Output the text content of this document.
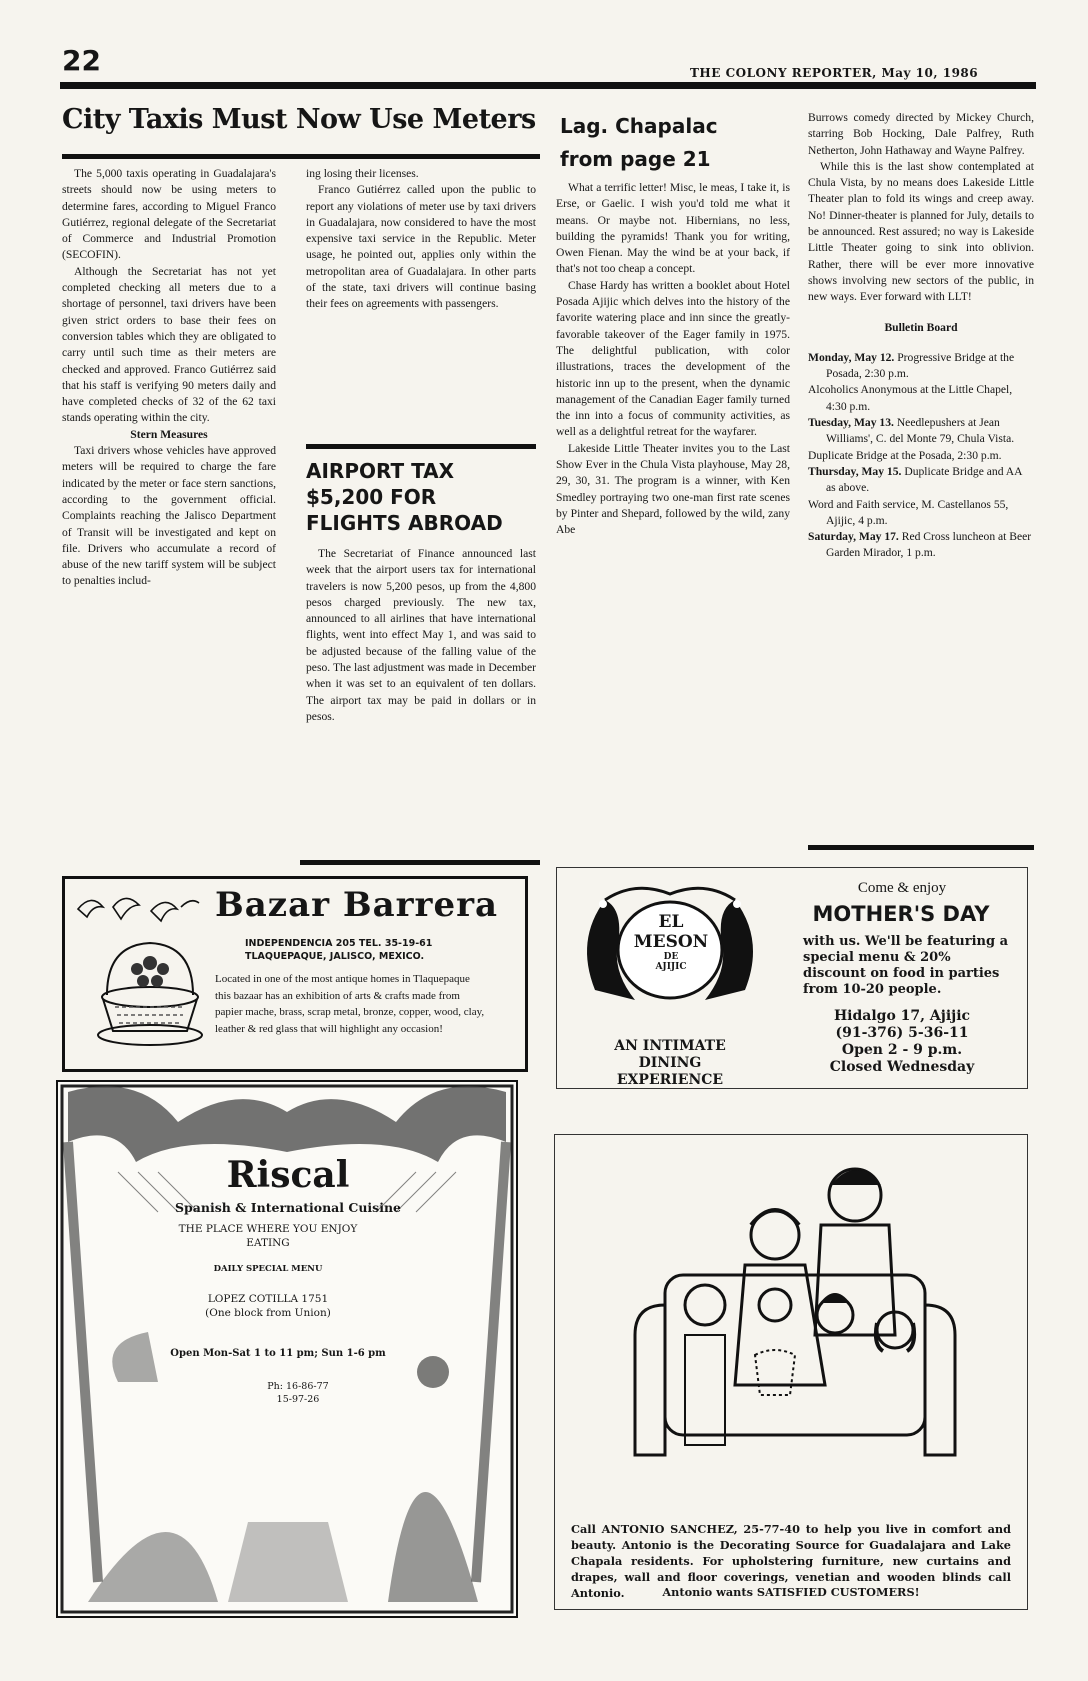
22	THE COLONY REPORTER, May 10, 1986
City Taxis Must Now Use Meters

The 5,000 taxis operating in Guadalajara's streets should now be using meters to determine fares, according to Miguel Franco Gutiérrez, regional delegate of the Secretariat of Commerce and Industrial Promotion (SECOFIN).

Although the Secretariat has not yet completed checking all meters due to a shortage of personnel, taxi drivers have been given strict orders to base their fees on conversion tables which they are obligated to carry until such time as their meters are checked and approved. Franco Gutiérrez said that his staff is verifying 90 meters daily and have completed checks of 32 of the 62 taxi stands operating within the city.

Stern Measures

Taxi drivers whose vehicles have approved meters will be required to charge the fare indicated by the meter or face stern sanctions, according to the government official. Complaints reaching the Jalisco Department of Transit will be investigated and kept on file. Drivers who accumulate a record of abuse of the new tariff system will be subject to penalties includ-

ing losing their licenses.

Franco Gutiérrez called upon the public to report any violations of meter use by taxi drivers in Guadalajara, now considered to have the most expensive taxi service in the Republic. Meter usage, he pointed out, applies only within the metropolitan area of Guadalajara. In other parts of the state, taxi drivers will continue basing their fees on agreements with passengers.

AIRPORT TAX $5,200 FOR FLIGHTS ABROAD

The Secretariat of Finance announced last week that the airport users tax for international travelers is now 5,200 pesos, up from the 4,800 pesos charged previously. The new tax, announced to all airlines that have international flights, went into effect May 1, and was said to be adjusted because of the falling value of the peso. The last adjustment was made in December when it was set to an equivalent of ten dollars. The airport tax may be paid in dollars or in pesos.

Lag. Chapalac from page 21

What a terrific letter! Misc, le meas, I take it, is Erse, or Gaelic. I wish you'd told me what it means. Or maybe not. Hibernians, no less, building the pyramids! Thank you for writing, Owen Fienan. May the wind be at your back, if that's not too cheap a concept.

Chase Hardy has written a booklet about Hotel Posada Ajijic which delves into the history of the favorite watering place and inn since the greatly-favorable takeover of the Eager family in 1975. The delightful publication, with color illustrations, traces the development of the historic inn up to the present, when the dynamic management of the Canadian Eager family turned the inn into a focus of community activities, as well as a delightful retreat for the wayfarer.

Lakeside Little Theater invites you to the Last Show Ever in the Chula Vista playhouse, May 28, 29, 30, 31. The program is a winner, with Ken Smedley portraying two one-man first rate scenes by Pinter and Shepard, followed by the wild, zany Abe

Burrows comedy directed by Mickey Church, starring Bob Hocking, Dale Palfrey, Ruth Netherton, John Hathaway and Wayne Palfrey.

While this is the last show contemplated at Chula Vista, by no means does Lakeside Little Theater plan to fold its wings and creep away. No! Dinner-theater is planned for July, details to be announced. Rest assured; no way is Lakeside Little Theater going to sink into oblivion. Rather, there will be ever more innovative shows involving new sectors of the public, in new ways. Ever forward with LLT!

Bulletin Board

Monday, May 12. Progressive Bridge at the Posada, 2:30 p.m.
Alcoholics Anonymous at the Little Chapel, 4:30 p.m.
Tuesday, May 13. Needlepushers at Jean Williams', C. del Monte 79, Chula Vista.
Duplicate Bridge at the Posada, 2:30 p.m.
Thursday, May 15. Duplicate Bridge and AA as above.
Word and Faith service, M. Castellanos 55, Ajijic, 4 p.m.
Saturday, May 17. Red Cross luncheon at Beer Garden Mirador, 1 p.m.
Bazar Barrera
INDEPENDENCIA 205 TEL. 35-19-61
TLAQUEPAQUE, JALISCO, MEXICO.
Located in one of the most antique homes in Tlaquepaque this bazaar has an exhibition of arts & crafts made from papier mache, brass, scrap metal, bronze, copper, wood, clay, leather & red glass that will highlight any occasion!
EL
MESON
DE
AJIJIC
AN INTIMATE DINING EXPERIENCE
Come & enjoy
MOTHER'S DAY
with us. We'll be featuring a special menu & 20% discount on food in parties from 10-20 people.
Hidalgo 17, Ajijic
(91-376) 5-36-11
Open 2 - 9 p.m.
Closed Wednesday
Riscal
Spanish & International Cuisine
THE PLACE WHERE YOU ENJOY EATING
DAILY SPECIAL MENU
LOPEZ COTILLA 1751
(One block from Union)
Open Mon-Sat 1 to 11 pm; Sun 1-6 pm
Ph: 16-86-77
15-97-26
Call ANTONIO SANCHEZ, 25-77-40 to help you live in comfort and beauty. Antonio is the Decorating Source for Guadalajara and Lake Chapala residents. For upholstering furniture, new curtains and drapes, wall and floor coverings, venetian and wooden blinds call Antonio.	Antonio wants SATISFIED CUSTOMERS!
